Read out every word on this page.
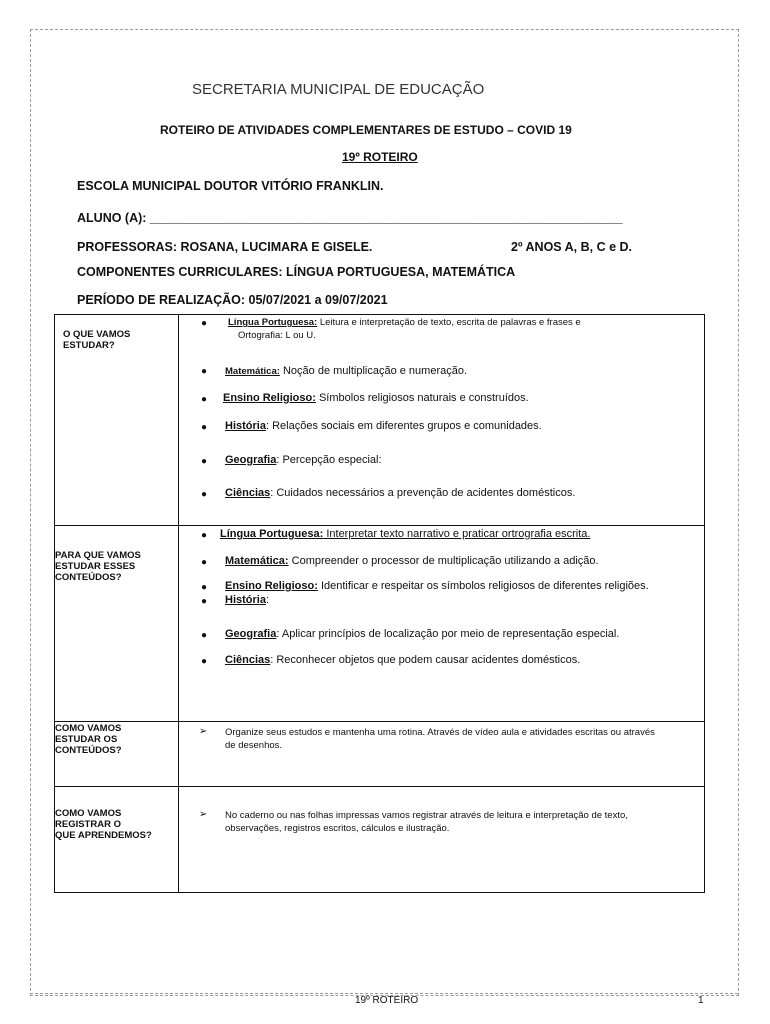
SECRETARIA MUNICIPAL DE EDUCAÇÃO
ROTEIRO DE ATIVIDADES COMPLEMENTARES DE ESTUDO – COVID 19
19º ROTEIRO
ESCOLA MUNICIPAL DOUTOR VITÓRIO FRANKLIN.
ALUNO (A): ____________________________________________________________________
PROFESSORAS: ROSANA, LUCIMARA E GISELE.	2º ANOS A, B, C e D.
COMPONENTES CURRICULARES: LÍNGUA PORTUGUESA, MATEMÁTICA
PERÍODO DE REALIZAÇÃO: 05/07/2021 a 09/07/2021
O QUE VAMOS
ESTUDAR?
● Língua Portuguesa: Leitura e interpretação de texto, escrita de palavras e frases e
Ortografia: L ou U.
● Matemática: Noção de multiplicação e numeração.
● Ensino Religioso: Símbolos religiosos naturais e construídos.
● História: Relações sociais em diferentes grupos e comunidades.
● Geografia: Percepção especial:
● Ciências: Cuidados necessários a prevenção de acidentes domésticos.
PARA QUE VAMOS
ESTUDAR ESSES
CONTEÚDOS?
● Língua Portuguesa: Interpretar texto narrativo e praticar ortrografia escrita.
● Matemática: Compreender o processor de multiplicação utilizando a adição.
● Ensino Religioso: Identificar e respeitar os símbolos religiosos de diferentes religiões.
● História:
● Geografia: Aplicar princípios de localização por meio de representação especial.
● Ciências: Reconhecer objetos que podem causar acidentes domésticos.
COMO VAMOS
ESTUDAR OS
CONTEÚDOS?
➢ Organize seus estudos e mantenha uma rotina. Através de vídeo aula e atividades escritas ou através
de desenhos.
COMO VAMOS
REGISTRAR O
QUE APRENDEMOS?
➢ No caderno ou nas folhas impressas vamos registrar através de leitura e interpretação de texto,
observações, registros escritos, cálculos e ilustração.
19º ROTEIRO	1
